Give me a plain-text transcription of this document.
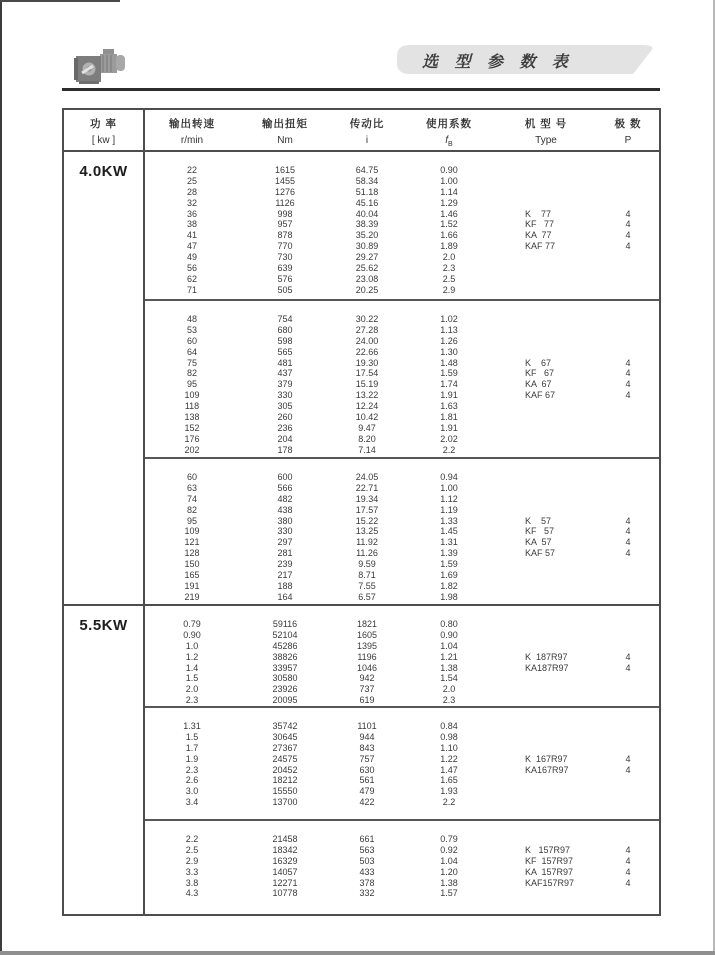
选 型 参 数 表
功 率
[ kw ]
输出转速
r/min
输出扭矩
Nm
传动比
i
使用系数
$f_B$
机 型 号
Type
极 数
P
4.0KW	22	1615	64.75	0.90
25	1455	58.34	1.00
28	1276	51.18	1.14
32	1126	45.16	1.29
36	998	40.04	1.46	K    77	4
38	957	38.39	1.52	KF   77	4
41	878	35.20	1.66	KA  77	4
47	770	30.89	1.89	KAF 77	4
49	730	29.27	2.0
56	639	25.62	2.3
62	576	23.08	2.5
71	505	20.25	2.9
48	754	30.22	1.02
53	680	27.28	1.13
60	598	24.00	1.26
64	565	22.66	1.30
75	481	19.30	1.48	K    67	4
82	437	17.54	1.59	KF   67	4
95	379	15.19	1.74	KA  67	4
109	330	13.22	1.91	KAF 67	4
118	305	12.24	1.63
138	260	10.42	1.81
152	236	9.47	1.91
176	204	8.20	2.02
202	178	7.14	2.2
60	600	24.05	0.94
63	566	22.71	1.00
74	482	19.34	1.12
82	438	17.57	1.19
95	380	15.22	1.33	K    57	4
109	330	13.25	1.45	KF   57	4
121	297	11.92	1.31	KA  57	4
128	281	11.26	1.39	KAF 57	4
150	239	9.59	1.59
165	217	8.71	1.69
191	188	7.55	1.82
219	164	6.57	1.98
5.5KW	0.79	59116	1821	0.80
0.90	52104	1605	0.90
1.0	45286	1395	1.04
1.2	38826	1196	1.21	K  187R97	4
1.4	33957	1046	1.38	KA187R97	4
1.5	30580	942	1.54
2.0	23926	737	2.0
2.3	20095	619	2.3
1.31	35742	1101	0.84
1.5	30645	944	0.98
1.7	27367	843	1.10
1.9	24575	757	1.22	K  167R97	4
2.3	20452	630	1.47	KA167R97	4
2.6	18212	561	1.65
3.0	15550	479	1.93
3.4	13700	422	2.2
2.2	21458	661	0.79
2.5	18342	563	0.92	K   157R97	4
2.9	16329	503	1.04	KF  157R97	4
3.3	14057	433	1.20	KA  157R97	4
3.8	12271	378	1.38	KAF157R97	4
4.3	10778	332	1.57
